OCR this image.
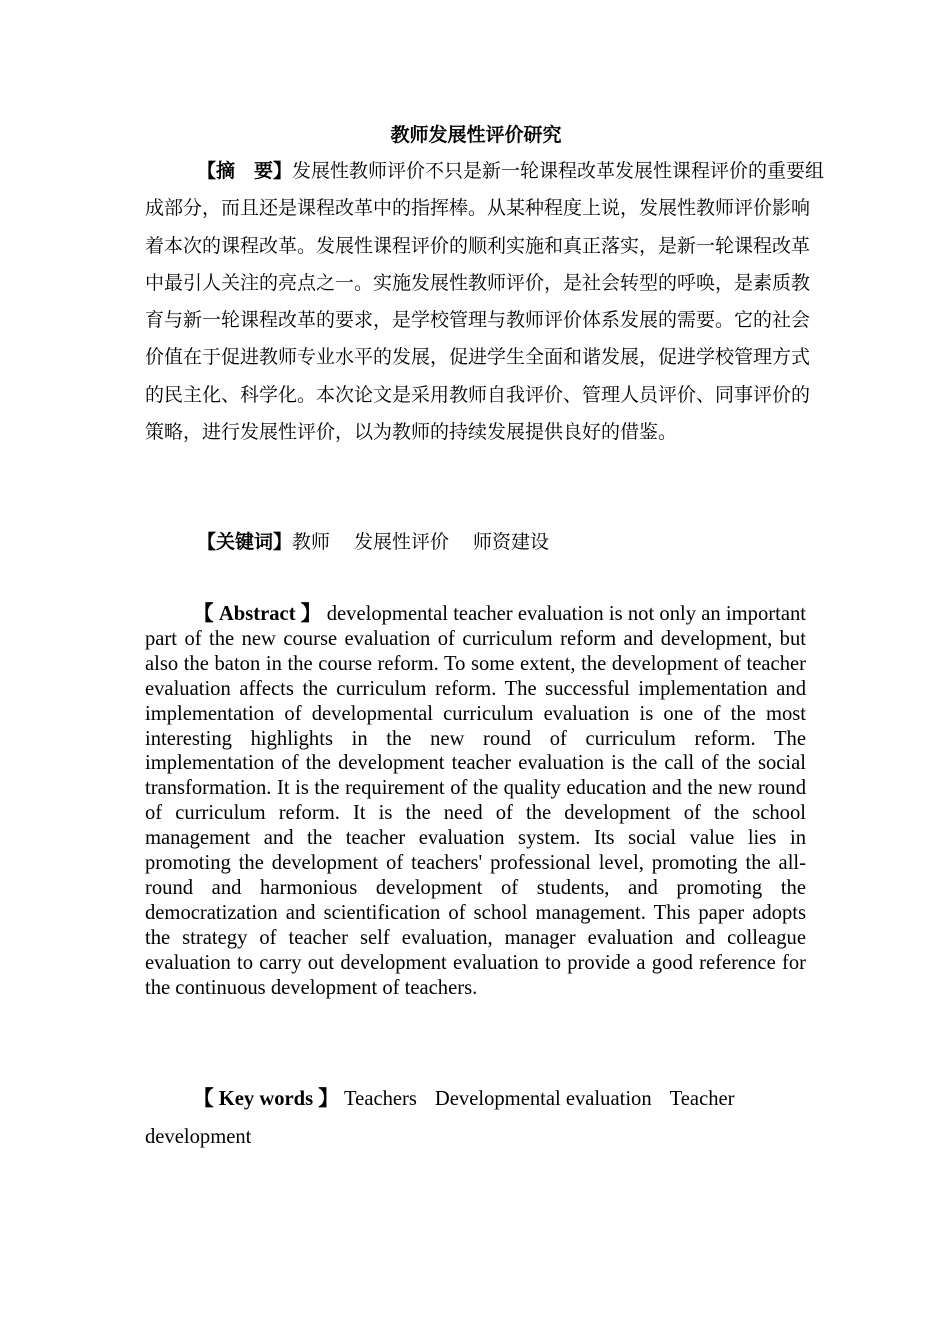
教师发展性评价研究

【摘　要】发展性教师评价不只是新一轮课程改革发展性课程评价的重要组成部分，而且还是课程改革中的指挥棒。从某种程度上说，发展性教师评价影响着本次的课程改革。发展性课程评价的顺利实施和真正落实，是新一轮课程改革中最引人关注的亮点之一。实施发展性教师评价，是社会转型的呼唤，是素质教育与新一轮课程改革的要求，是学校管理与教师评价体系发展的需要。它的社会价值在于促进教师专业水平的发展，促进学生全面和谐发展，促进学校管理方式的民主化、科学化。本次论文是采用教师自我评价、管理人员评价、同事评价的策略，进行发展性评价，以为教师的持续发展提供良好的借鉴。

【关键词】教师 发展性评价 师资建设

【 Abstract 】 developmental teacher evaluation is not only an important part of the new course evaluation of curriculum reform and development, but also the baton in the course reform. To some extent, the development of teacher evaluation affects the curriculum reform. The successful implementation and implementation of developmental curriculum evaluation is one of the most interesting highlights in the new round of curriculum reform. The implementation of the development teacher evaluation is the call of the social transformation. It is the requirement of the quality education and the new round of curriculum reform. It is the need of the development of the school management and the teacher evaluation system. Its social value lies in promoting the development of teachers' professional level, promoting the all-round and harmonious development of students, and promoting the democratization and scientification of school management. This paper adopts the strategy of teacher self evaluation, manager evaluation and colleague evaluation to carry out development evaluation to provide a good reference for the continuous development of teachers.

【 Key words 】 Teachers Developmental evaluation Teacher
development
